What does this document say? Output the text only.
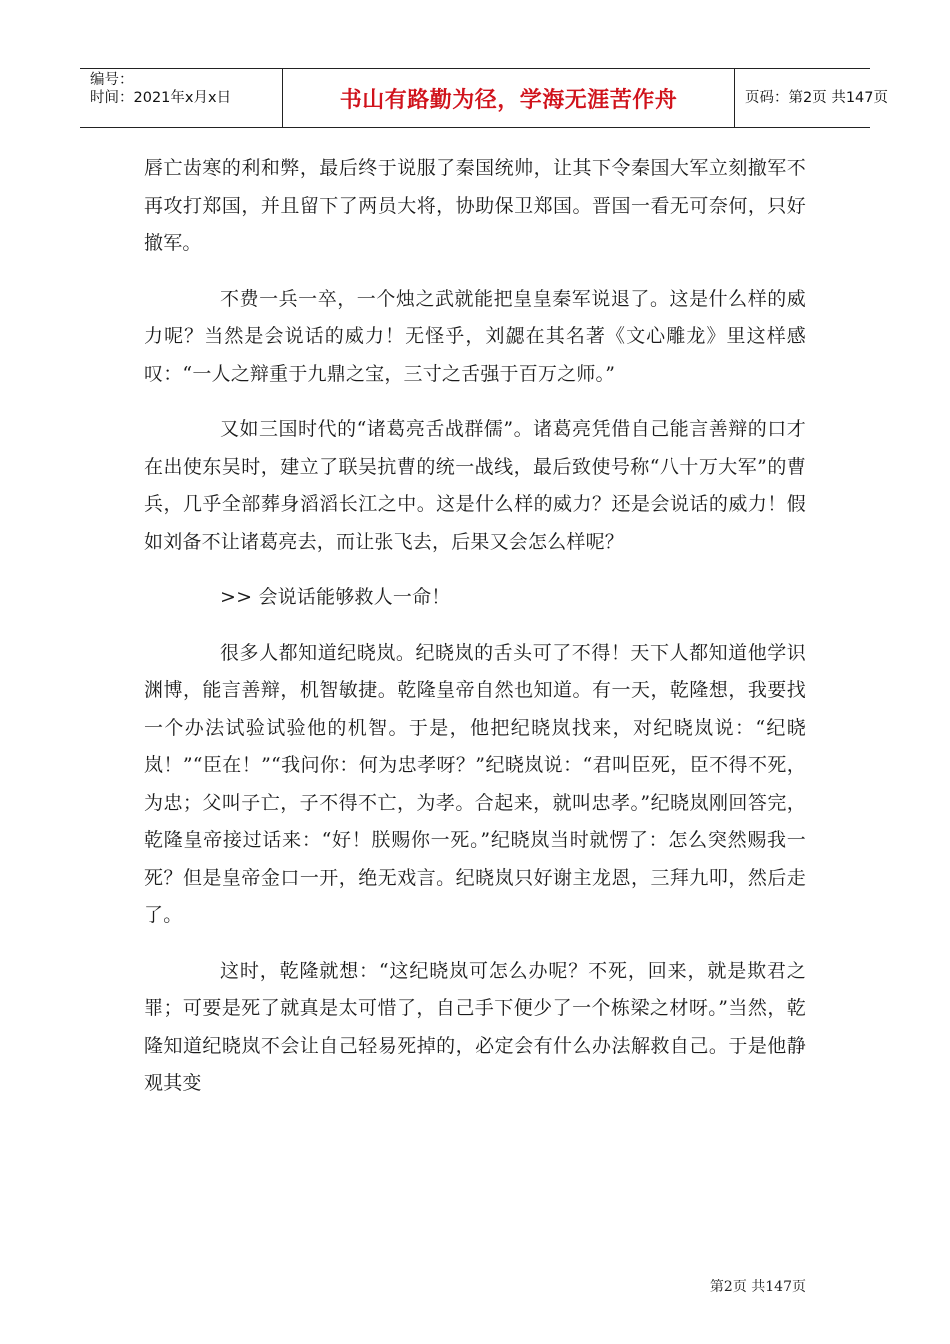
编号：
时间：2021年x月x日	书山有路勤为径，学海无涯苦作舟	页码：第2页 共147页

唇亡齿寒的利和弊，最后终于说服了秦国统帅，让其下令秦国大军立刻撤军不再攻打郑国，并且留下了两员大将，协助保卫郑国。晋国一看无可奈何，只好撤军。

不费一兵一卒，一个烛之武就能把皇皇秦军说退了。这是什么样的威力呢？当然是会说话的威力！无怪乎，刘勰在其名著《文心雕龙》里这样感叹：“一人之辩重于九鼎之宝，三寸之舌强于百万之师。”

又如三国时代的“诸葛亮舌战群儒”。诸葛亮凭借自己能言善辩的口才在出使东吴时，建立了联吴抗曹的统一战线，最后致使号称“八十万大军”的曹兵，几乎全部葬身滔滔长江之中。这是什么样的威力？还是会说话的威力！假如刘备不让诸葛亮去，而让张飞去，后果又会怎么样呢？

>> 会说话能够救人一命！

很多人都知道纪晓岚。纪晓岚的舌头可了不得！天下人都知道他学识渊博，能言善辩，机智敏捷。乾隆皇帝自然也知道。有一天，乾隆想，我要找一个办法试验试验他的机智。于是，他把纪晓岚找来，对纪晓岚说：“纪晓岚！”“臣在！”“我问你：何为忠孝呀？”纪晓岚说：“君叫臣死，臣不得不死，为忠；父叫子亡，子不得不亡，为孝。合起来，就叫忠孝。”纪晓岚刚回答完，乾隆皇帝接过话来：“好！朕赐你一死。”纪晓岚当时就愣了：怎么突然赐我一死？但是皇帝金口一开，绝无戏言。纪晓岚只好谢主龙恩，三拜九叩，然后走了。

这时，乾隆就想：“这纪晓岚可怎么办呢？不死，回来，就是欺君之罪；可要是死了就真是太可惜了，自己手下便少了一个栋梁之材呀。”当然，乾隆知道纪晓岚不会让自己轻易死掉的，必定会有什么办法解救自己。于是他静观其变

第2页 共147页
